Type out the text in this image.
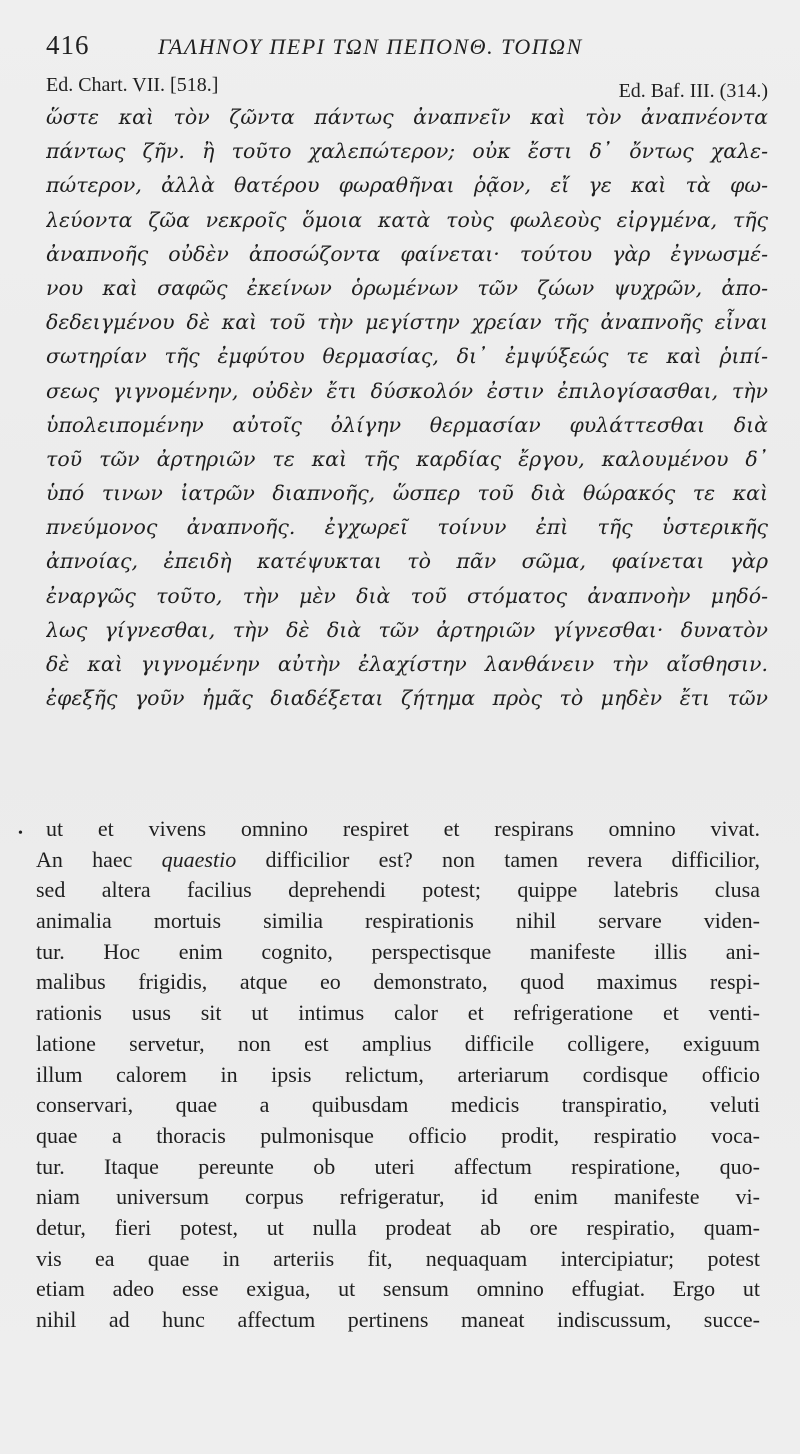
416	ΓΑΛΗΝΟΥ ΠΕΡΙ ΤΩΝ ΠΕΠΟΝΘ. ΤΟΠΩΝ
Ed. Chart. VII. [518.]	Ed. Baf. III. (314.)
ὥστε καὶ τὸν ζῶντα πάντως ἀναπνεῖν καὶ τὸν ἀναπνέοντα
πάντως ζῆν. ἢ τοῦτο χαλεπώτερον; οὐκ ἔστι δ᾽ ὄντως χαλε-
πώτερον, ἀλλὰ θατέρου φωραθῆναι ῥᾷον, εἴ γε καὶ τὰ φω-
λεύοντα ζῶα νεκροῖς ὅμοια κατὰ τοὺς φωλεοὺς εἰργμένα, τῆς
ἀναπνοῆς οὐδὲν ἀποσώζοντα φαίνεται· τούτου γὰρ ἐγνωσμέ-
νου καὶ σαφῶς ἐκείνων ὁρωμένων τῶν ζώων ψυχρῶν, ἀπο-
δεδειγμένου δὲ καὶ τοῦ τὴν μεγίστην χρείαν τῆς ἀναπνοῆς εἶναι
σωτηρίαν τῆς ἐμφύτου θερμασίας, δι᾽ ἐμψύξεώς τε καὶ ῥιπί-
σεως γιγνομένην, οὐδὲν ἔτι δύσκολόν ἐστιν ἐπιλογίσασθαι, τὴν
ὑπολειπομένην αὐτοῖς ὀλίγην θερμασίαν φυλάττεσθαι διὰ
τοῦ τῶν ἀρτηριῶν τε καὶ τῆς καρδίας ἔργου, καλουμένου δ᾽
ὑπό τινων ἰατρῶν διαπνοῆς, ὥσπερ τοῦ διὰ θώρακός τε καὶ
πνεύμονος ἀναπνοῆς. ἐγχωρεῖ τοίνυν ἐπὶ τῆς ὑστερικῆς
ἀπνοίας, ἐπειδὴ κατέψυκται τὸ πᾶν σῶμα, φαίνεται γὰρ
ἐναργῶς τοῦτο, τὴν μὲν διὰ τοῦ στόματος ἀναπνοὴν μηδό-
λως γίγνεσθαι, τὴν δὲ διὰ τῶν ἀρτηριῶν γίγνεσθαι· δυνατὸν
δὲ καὶ γιγνομένην αὐτὴν ἐλαχίστην λανθάνειν τὴν αἴσθησιν.
ἐφεξῆς γοῦν ἡμᾶς διαδέξεται ζήτημα πρὸς τὸ μηδὲν ἔτι τῶν
•	ut et vivens omnino respiret et respirans omnino vivat.
An haec quaestio difficilior est? non tamen revera difficilior,
sed altera facilius deprehendi potest; quippe latebris clusa
animalia mortuis similia respirationis nihil servare viden-
tur. Hoc enim cognito, perspectisque manifeste illis ani-
malibus frigidis, atque eo demonstrato, quod maximus respi-
rationis usus sit ut intimus calor et refrigeratione et venti-
latione servetur, non est amplius difficile colligere, exiguum
illum calorem in ipsis relictum, arteriarum cordisque officio
conservari, quae a quibusdam medicis transpiratio, veluti
quae a thoracis pulmonisque officio prodit, respiratio voca-
tur. Itaque pereunte ob uteri affectum respiratione, quo-
niam universum corpus refrigeratur, id enim manifeste vi-
detur, fieri potest, ut nulla prodeat ab ore respiratio, quam-
vis ea quae in arteriis fit, nequaquam intercipiatur; potest
etiam adeo esse exigua, ut sensum omnino effugiat. Ergo ut
nihil ad hunc affectum pertinens maneat indiscussum, succe-
